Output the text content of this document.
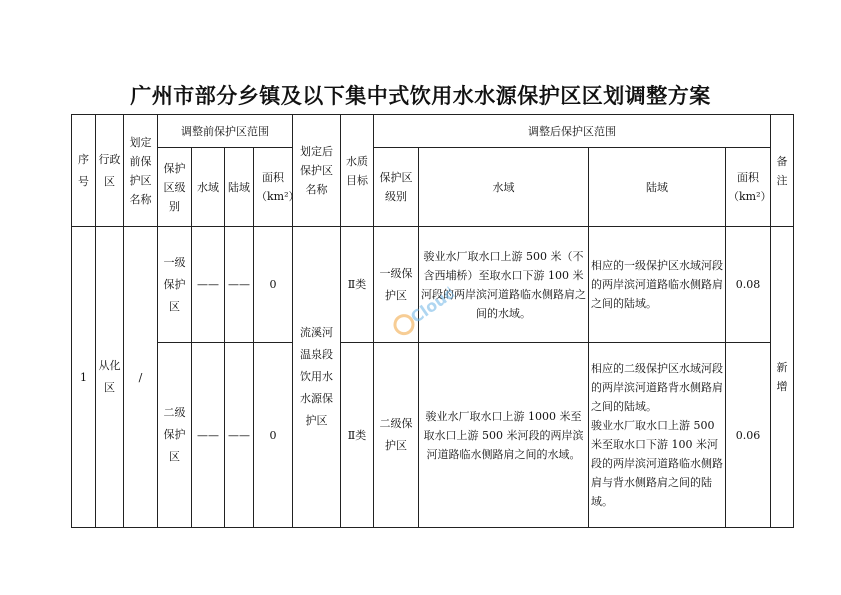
广州市部分乡镇及以下集中式饮用水水源保护区区划调整方案
序号	行政区	划定前保护区名称	调整前保护区范围				划定后保护区名称	水质目标	调整后保护区范围				备注
			保护区级别	水域	陆域	面积（km²）			保护区级别	水域	陆域	面积（km²）	
1	从化区	/	一级保护区	——	——	0	流溪河温泉段饮用水水源保护区	Ⅱ类	一级保护区	骏业水厂取水口上游 500 米（不含西埔桥）至取水口下游 100 米河段的两岸滨河道路临水侧路肩之间的水域。	相应的一级保护区水域河段的两岸滨河道路临水侧路肩之间的陆域。	0.08	新增
			二级保护区	——	——	0		Ⅱ类	二级保护区	骏业水厂取水口上游 1000 米至取水口上游 500 米河段的两岸滨河道路临水侧路肩之间的水域。	相应的二级保护区水域河段的两岸滨河道路背水侧路肩之间的陆域。
骏业水厂取水口上游 500 米至取水口下游 100 米河段的两岸滨河道路临水侧路肩与背水侧路肩之间的陆域。	0.06	
Cloud
